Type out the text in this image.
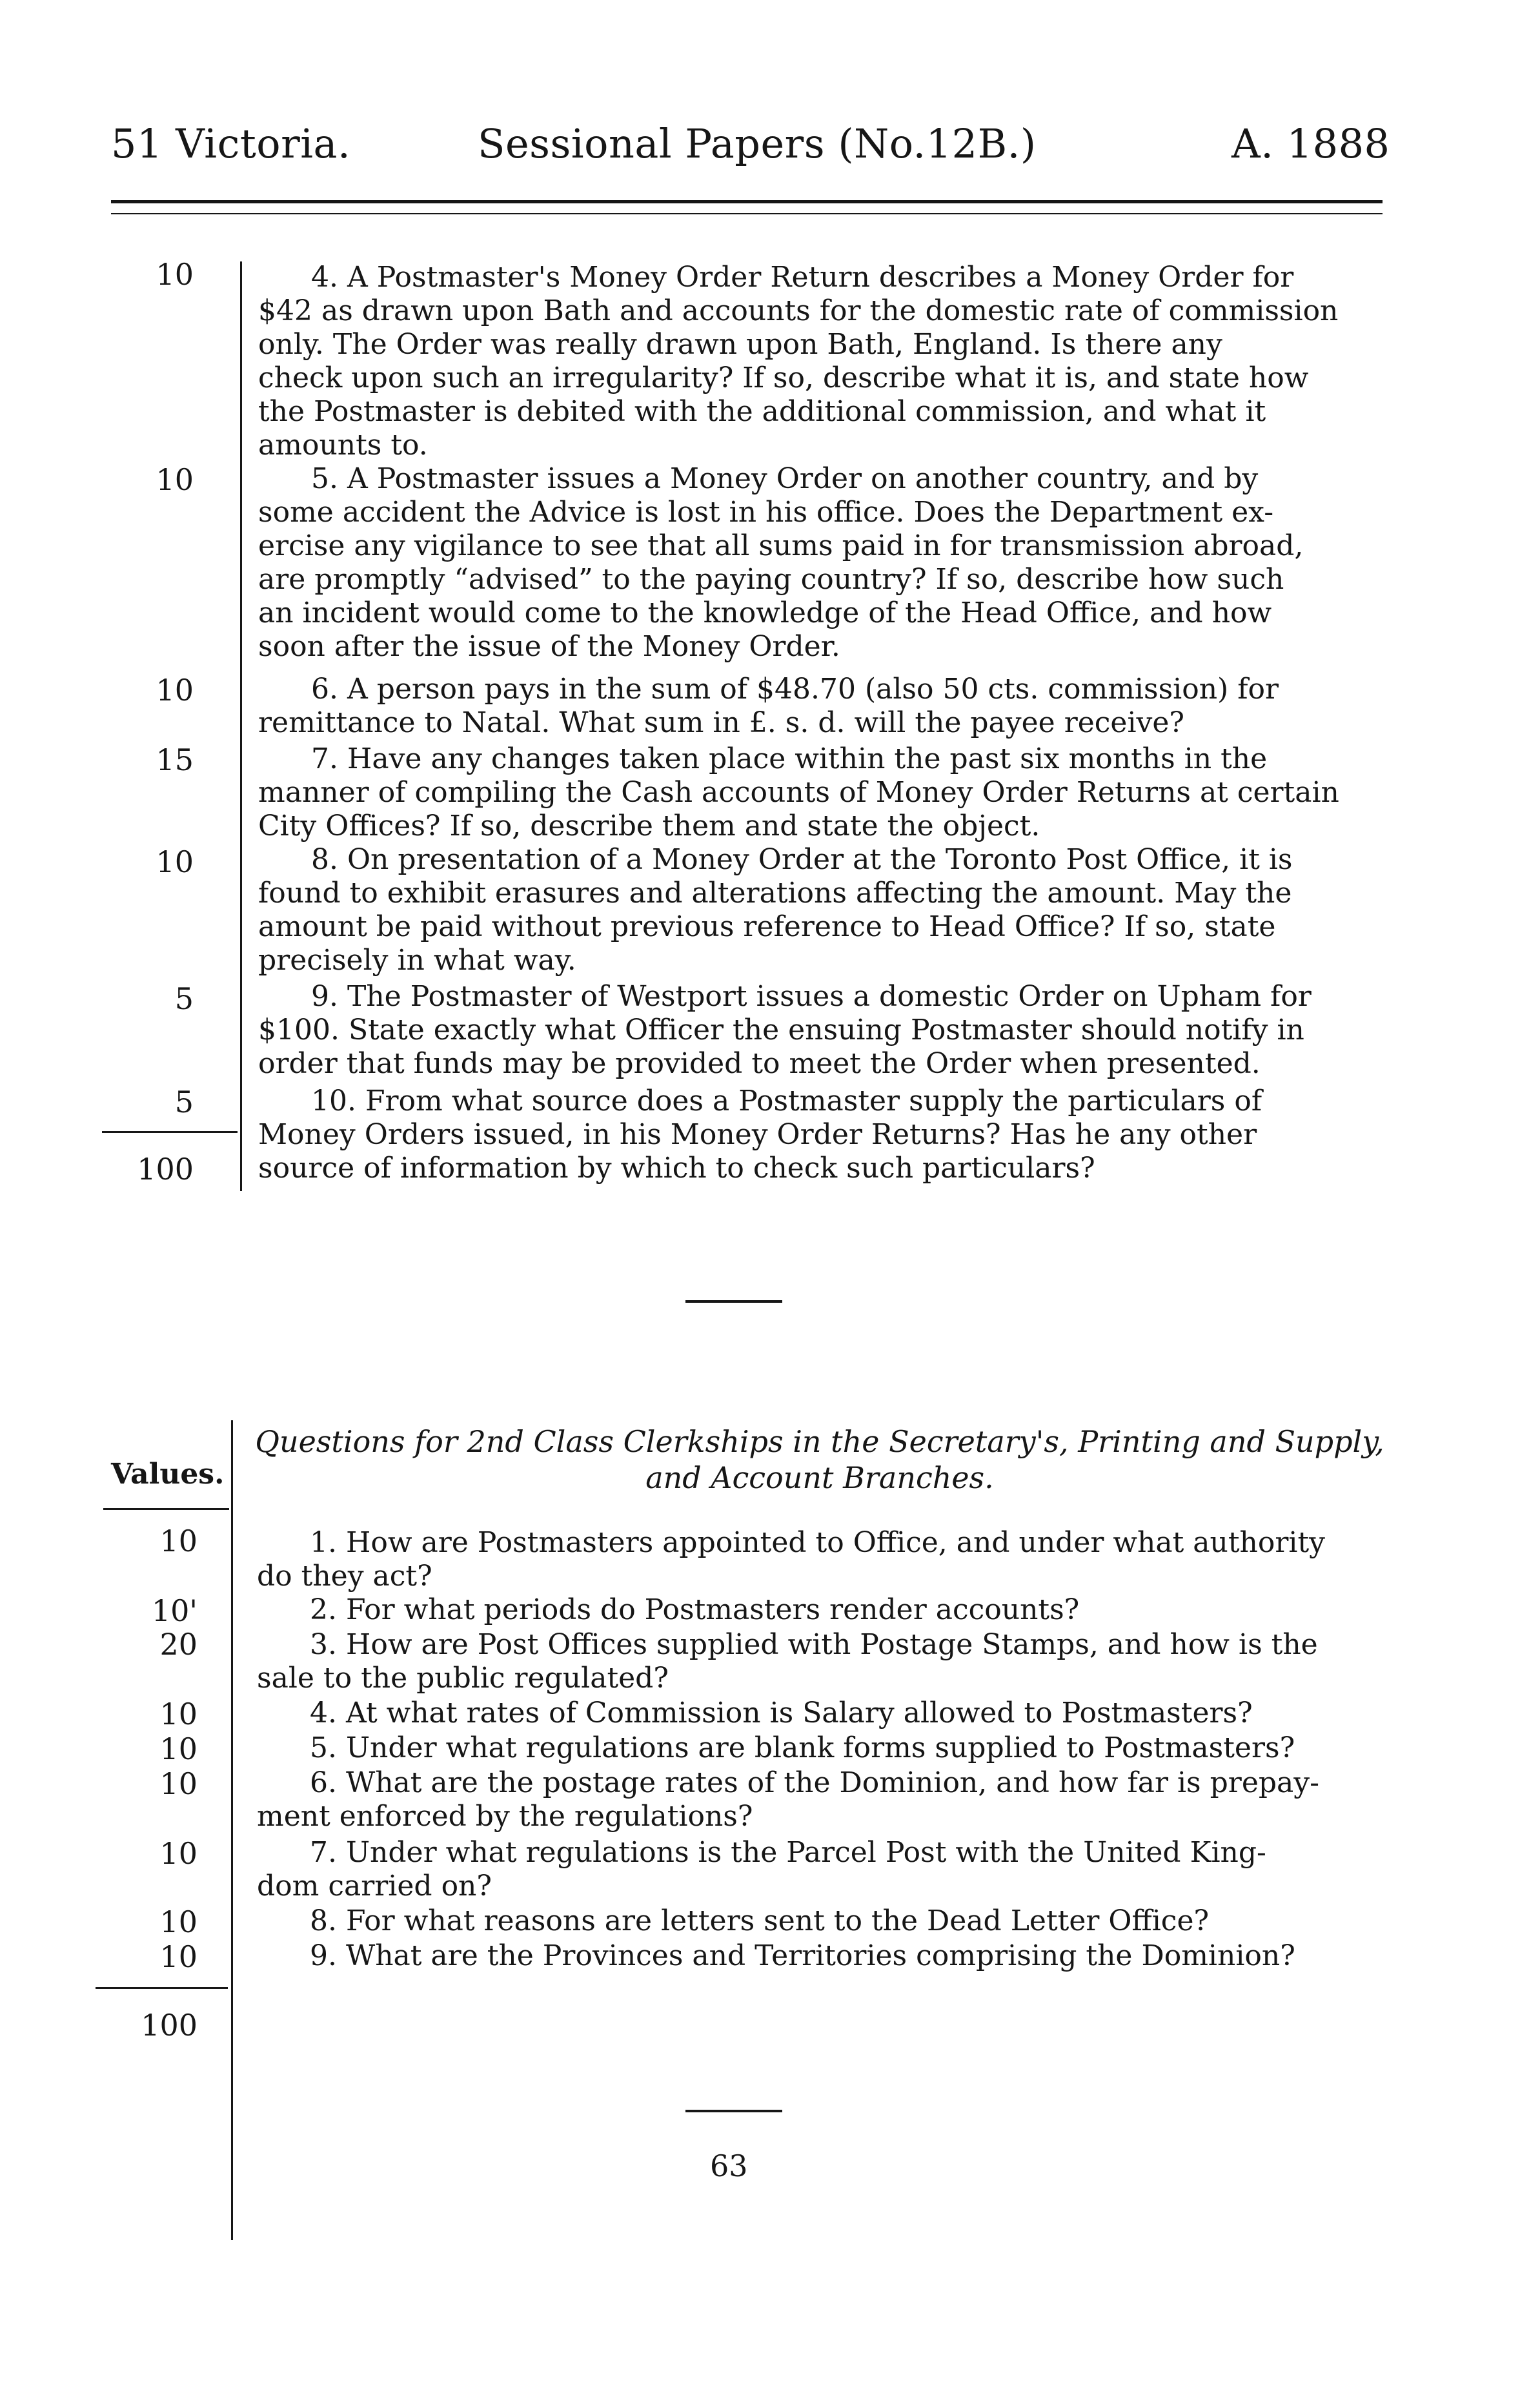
51 Victoria.	Sessional Papers (No.12B.)	A. 1888
10
10
10
15
10
5
5
100
4. A Postmaster's Money Order Return describes a Money Order for
$42 as drawn upon Bath and accounts for the domestic rate of commission
only. The Order was really drawn upon Bath, England. Is there any
check upon such an irregularity? If so, describe what it is, and state how
the Postmaster is debited with the additional commission, and what it
amounts to.
5. A Postmaster issues a Money Order on another country, and by
some accident the Advice is lost in his office. Does the Department ex-
ercise any vigilance to see that all sums paid in for transmission abroad,
are promptly “advised” to the paying country? If so, describe how such
an incident would come to the knowledge of the Head Office, and how
soon after the issue of the Money Order.
6. A person pays in the sum of $48.70 (also 50 cts. commission) for
remittance to Natal. What sum in £. s. d. will the payee receive?
7. Have any changes taken place within the past six months in the
manner of compiling the Cash accounts of Money Order Returns at certain
City Offices? If so, describe them and state the object.
8. On presentation of a Money Order at the Toronto Post Office, it is
found to exhibit erasures and alterations affecting the amount. May the
amount be paid without previous reference to Head Office? If so, state
precisely in what way.
9. The Postmaster of Westport issues a domestic Order on Upham for
$100. State exactly what Officer the ensuing Postmaster should notify in
order that funds may be provided to meet the Order when presented.
10. From what source does a Postmaster supply the particulars of
Money Orders issued, in his Money Order Returns? Has he any other
source of information by which to check such particulars?
Values.
Questions for 2nd Class Clerkships in the Secretary's, Printing and Supply,
and Account Branches.
10
10'
20
10
10
10
10
10
10
100
1. How are Postmasters appointed to Office, and under what authority
do they act?
2. For what periods do Postmasters render accounts?
3. How are Post Offices supplied with Postage Stamps, and how is the
sale to the public regulated?
4. At what rates of Commission is Salary allowed to Postmasters?
5. Under what regulations are blank forms supplied to Postmasters?
6. What are the postage rates of the Dominion, and how far is prepay-
ment enforced by the regulations?
7. Under what regulations is the Parcel Post with the United King-
dom carried on?
8. For what reasons are letters sent to the Dead Letter Office?
9. What are the Provinces and Territories comprising the Dominion?
63
